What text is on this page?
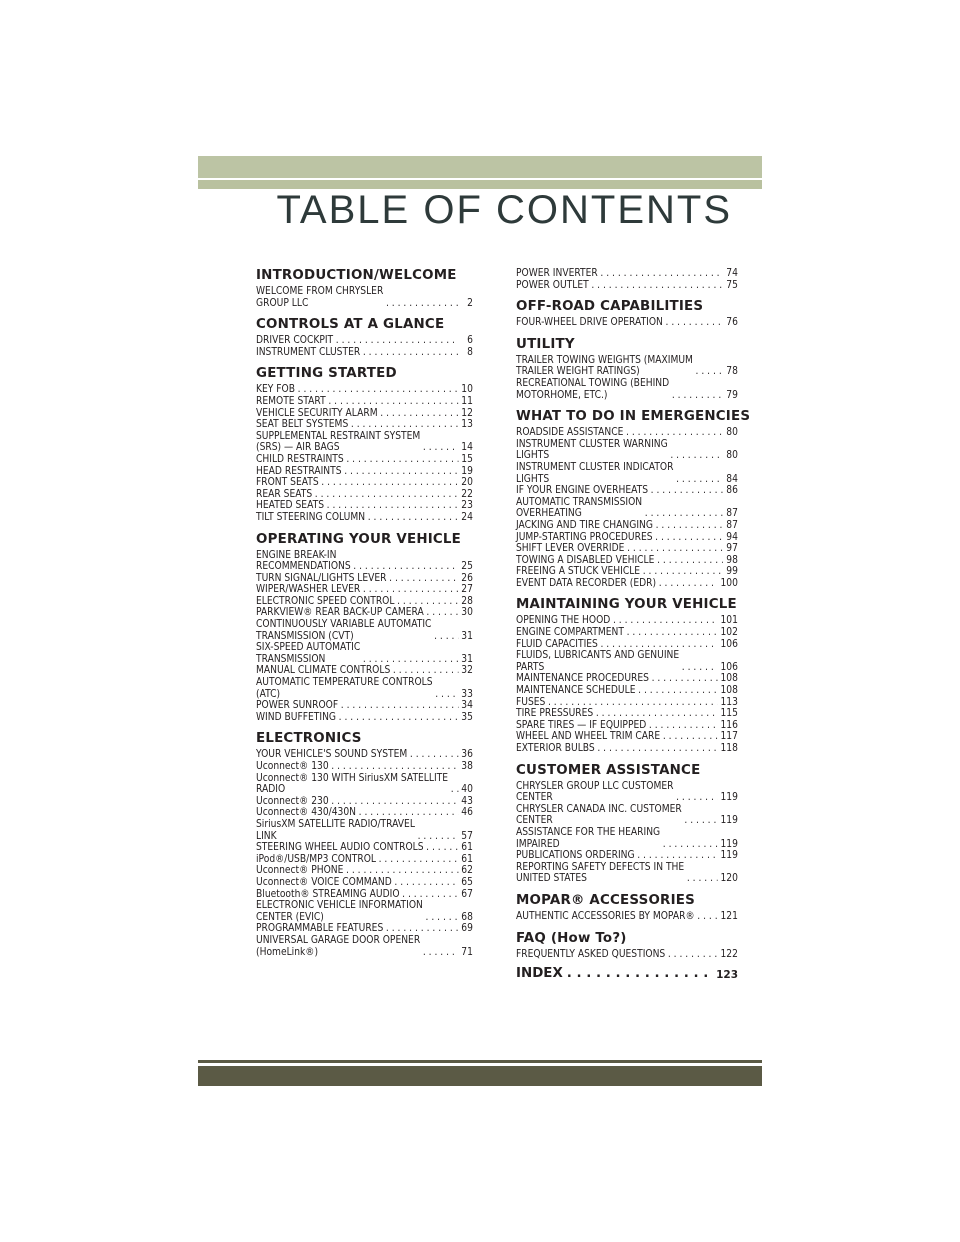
TABLE OF CONTENTS
INTRODUCTION/WELCOME
WELCOME FROM CHRYSLER
GROUP LLC . . .	2
CONTROLS AT A GLANCE
DRIVER COCKPIT . . .	6
INSTRUMENT CLUSTER . . .	8
GETTING STARTED
KEY FOB . . .	10
REMOTE START . . .	11
VEHICLE SECURITY ALARM . . .	12
SEAT BELT SYSTEMS . . .	13
SUPPLEMENTAL RESTRAINT SYSTEM
(SRS) — AIR BAGS . . .	14
CHILD RESTRAINTS . . .	15
HEAD RESTRAINTS . . .	19
FRONT SEATS . . .	20
REAR SEATS . . .	22
HEATED SEATS . . .	23
TILT STEERING COLUMN . . .	24
OPERATING YOUR VEHICLE
ENGINE BREAK-IN
RECOMMENDATIONS . . .	25
TURN SIGNAL/LIGHTS LEVER . . .	26
WIPER/WASHER LEVER . . .	27
ELECTRONIC SPEED CONTROL . . .	28
PARKVIEW® REAR BACK-UP CAMERA . . .	30
CONTINUOUSLY VARIABLE AUTOMATIC
TRANSMISSION (CVT) . . .	31
SIX-SPEED AUTOMATIC
TRANSMISSION . . .	31
MANUAL CLIMATE CONTROLS . . .	32
AUTOMATIC TEMPERATURE CONTROLS
(ATC) . . .	33
POWER SUNROOF . . .	34
WIND BUFFETING . . .	35
ELECTRONICS
YOUR VEHICLE'S SOUND SYSTEM . . .	36
Uconnect® 130 . . .	38
Uconnect® 130 WITH SiriusXM SATELLITE
RADIO . . .	40
Uconnect® 230 . . .	43
Uconnect® 430/430N . . .	46
SiriusXM SATELLITE RADIO/TRAVEL
LINK . . .	57
STEERING WHEEL AUDIO CONTROLS . . .	61
iPod®/USB/MP3 CONTROL . . .	61
Uconnect® PHONE . . .	62
Uconnect® VOICE COMMAND . . .	65
Bluetooth® STREAMING AUDIO . . .	67
ELECTRONIC VEHICLE INFORMATION
CENTER (EVIC) . . .	68
PROGRAMMABLE FEATURES . . .	69
UNIVERSAL GARAGE DOOR OPENER
(HomeLink®) . . .	71
POWER INVERTER . . .	74
POWER OUTLET . . .	75
OFF-ROAD CAPABILITIES
FOUR-WHEEL DRIVE OPERATION . . .	76
UTILITY
TRAILER TOWING WEIGHTS (MAXIMUM
TRAILER WEIGHT RATINGS) . . .	78
RECREATIONAL TOWING (BEHIND
MOTORHOME, ETC.) . . .	79
WHAT TO DO IN EMERGENCIES
ROADSIDE ASSISTANCE . . .	80
INSTRUMENT CLUSTER WARNING
LIGHTS . . .	80
INSTRUMENT CLUSTER INDICATOR
LIGHTS . . .	84
IF YOUR ENGINE OVERHEATS . . .	86
AUTOMATIC TRANSMISSION
OVERHEATING . . .	87
JACKING AND TIRE CHANGING . . .	87
JUMP-STARTING PROCEDURES . . .	94
SHIFT LEVER OVERRIDE . . .	97
TOWING A DISABLED VEHICLE . . .	98
FREEING A STUCK VEHICLE . . .	99
EVENT DATA RECORDER (EDR) . . .	100
MAINTAINING YOUR VEHICLE
OPENING THE HOOD . . .	101
ENGINE COMPARTMENT . . .	102
FLUID CAPACITIES . . .	106
FLUIDS, LUBRICANTS AND GENUINE
PARTS . . .	106
MAINTENANCE PROCEDURES . . .	108
MAINTENANCE SCHEDULE . . .	108
FUSES . . .	113
TIRE PRESSURES . . .	115
SPARE TIRES — IF EQUIPPED . . .	116
WHEEL AND WHEEL TRIM CARE . . .	117
EXTERIOR BULBS . . .	118
CUSTOMER ASSISTANCE
CHRYSLER GROUP LLC CUSTOMER
CENTER . . .	119
CHRYSLER CANADA INC. CUSTOMER
CENTER . . .	119
ASSISTANCE FOR THE HEARING
IMPAIRED . . .	119
PUBLICATIONS ORDERING . . .	119
REPORTING SAFETY DEFECTS IN THE
UNITED STATES . . .	120
MOPAR® ACCESSORIES
AUTHENTIC ACCESSORIES BY MOPAR® . . . 121
FAQ (How To?)
FREQUENTLY ASKED QUESTIONS . . .	122
INDEX . . .	123
